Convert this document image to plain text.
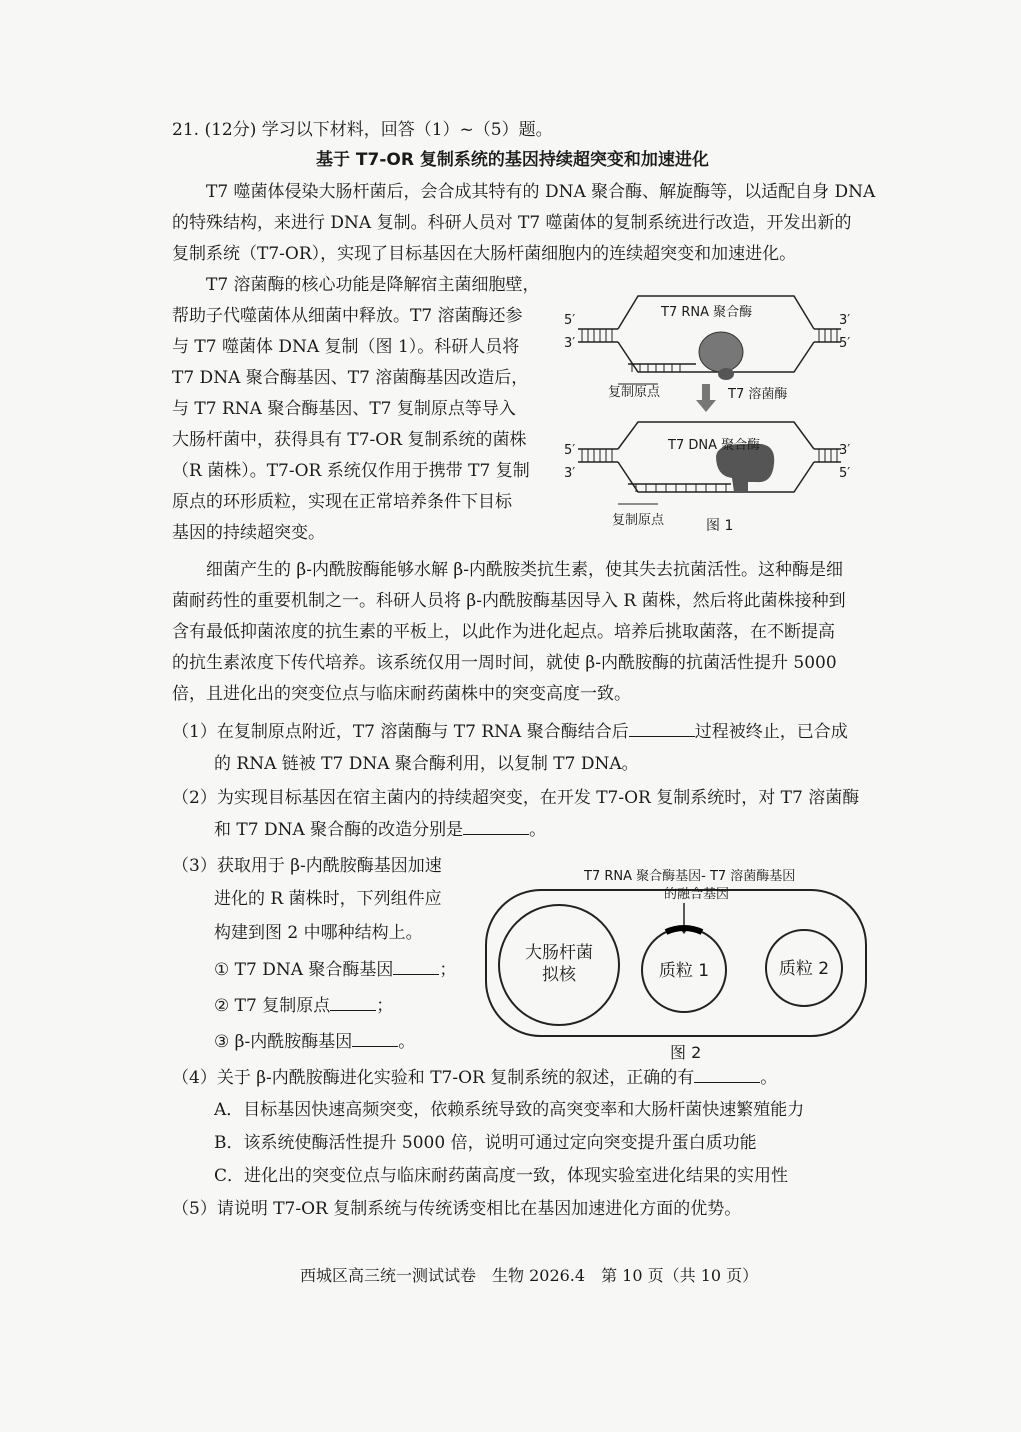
21. (12分) 学习以下材料，回答（1）~（5）题。
基于 T7-OR 复制系统的基因持续超突变和加速进化
T7 噬菌体侵染大肠杆菌后，会合成其特有的 DNA 聚合酶、解旋酶等，以适配自身 DNA
的特殊结构，来进行 DNA 复制。科研人员对 T7 噬菌体的复制系统进行改造，开发出新的
复制系统（T7-OR），实现了目标基因在大肠杆菌细胞内的连续超突变和加速进化。
T7 溶菌酶的核心功能是降解宿主菌细胞壁，
帮助子代噬菌体从细菌中释放。T7 溶菌酶还参
与 T7 噬菌体 DNA 复制（图 1）。科研人员将
T7 DNA 聚合酶基因、T7 溶菌酶基因改造后，
与 T7 RNA 聚合酶基因、T7 复制原点等导入
大肠杆菌中，获得具有 T7-OR 复制系统的菌株
（R 菌株）。T7-OR 系统仅作用于携带 T7 复制
原点的环形质粒，实现在正常培养条件下目标
基因的持续超突变。
5′
3′
3′
5′
T7 RNA 聚合酶
复制原点	T7 溶菌酶
5′
3′
3′
5′
T7 DNA 聚合酶
复制原点	图 1
细菌产生的 β-内酰胺酶能够水解 β-内酰胺类抗生素，使其失去抗菌活性。这种酶是细
菌耐药性的重要机制之一。科研人员将 β-内酰胺酶基因导入 R 菌株，然后将此菌株接种到
含有最低抑菌浓度的抗生素的平板上，以此作为进化起点。培养后挑取菌落，在不断提高
的抗生素浓度下传代培养。该系统仅用一周时间，就使 β-内酰胺酶的抗菌活性提升 5000
倍，且进化出的突变位点与临床耐药菌株中的突变高度一致。
（1）在复制原点附近，T7 溶菌酶与 T7 RNA 聚合酶结合后	过程被终止，已合成
的 RNA 链被 T7 DNA 聚合酶利用，以复制 T7 DNA。
（2）为实现目标基因在宿主菌内的持续超突变，在开发 T7-OR 复制系统时，对 T7 溶菌酶
和 T7 DNA 聚合酶的改造分别是	。
（3）获取用于 β-内酰胺酶基因加速
进化的 R 菌株时，下列组件应
构建到图 2 中哪种结构上。
① T7 DNA 聚合酶基因	；
② T7 复制原点	；
③ β-内酰胺酶基因	。
T7 RNA 聚合酶基因- T7 溶菌酶基因
的融合基因
大肠杆菌
拟核	质粒 1	质粒 2
图 2
（4）关于 β-内酰胺酶进化实验和 T7-OR 复制系统的叙述，正确的有	。
A．目标基因快速高频突变，依赖系统导致的高突变率和大肠杆菌快速繁殖能力
B．该系统使酶活性提升 5000 倍，说明可通过定向突变提升蛋白质功能
C．进化出的突变位点与临床耐药菌高度一致，体现实验室进化结果的实用性
（5）请说明 T7-OR 复制系统与传统诱变相比在基因加速进化方面的优势。
西城区高三统一测试试卷　生物 2026.4　第 10 页（共 10 页）
